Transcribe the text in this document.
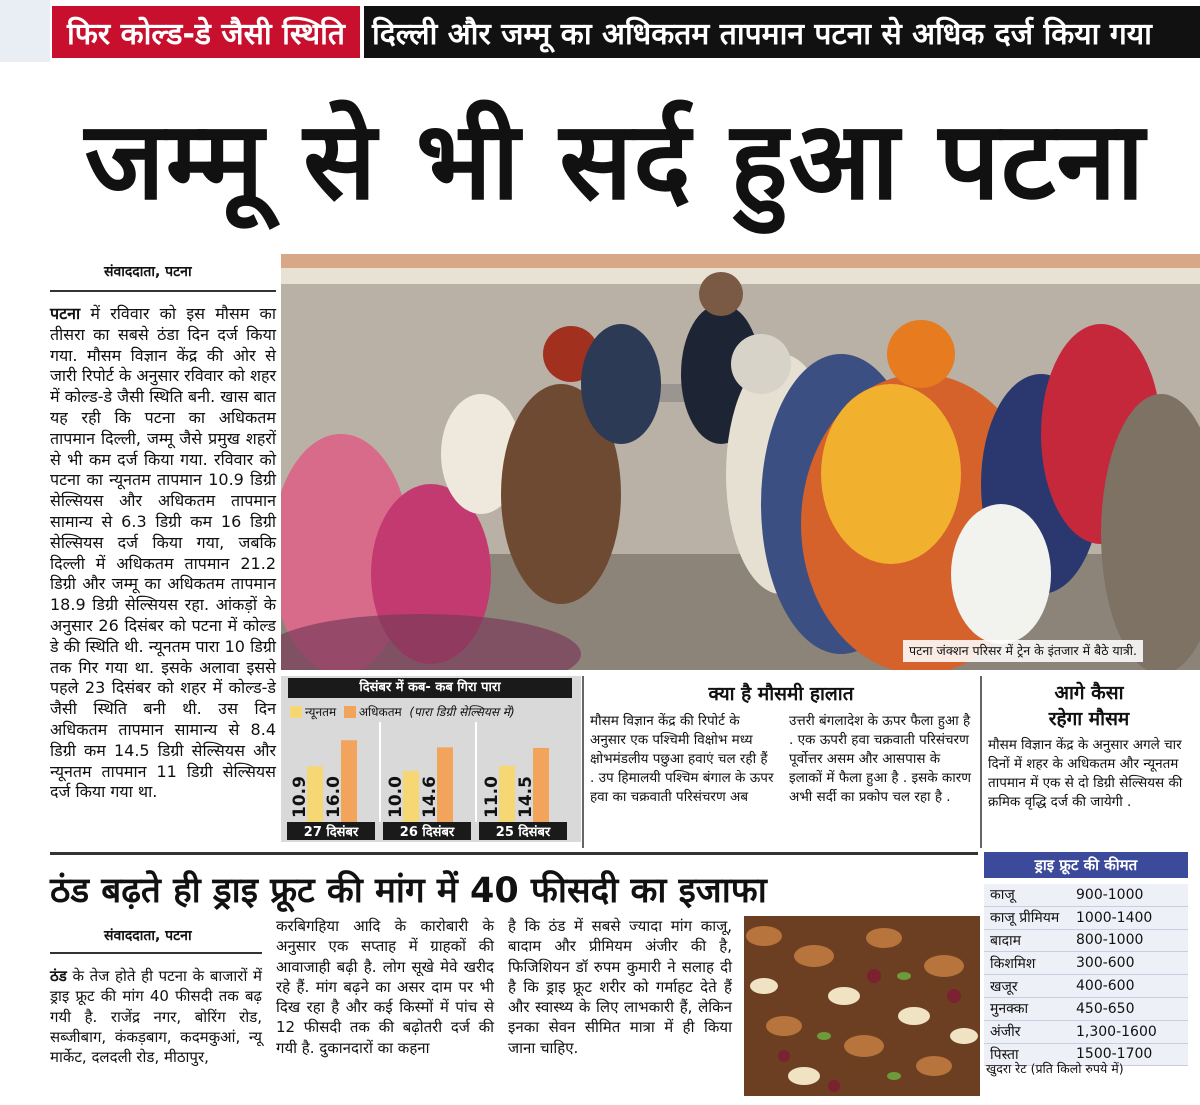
फिर कोल्ड-डे जैसी स्थिति दिल्ली और जम्मू का अधिकतम तापमान पटना से अधिक दर्ज किया गया
जम्मू से भी सर्द हुआ पटना
संवाददाता, पटना
पटना में रविवार को इस मौसम का तीसरा का सबसे ठंडा दिन दर्ज किया गया. मौसम विज्ञान केंद्र की ओर से जारी रिपोर्ट के अनुसार रविवार को शहर में कोल्ड-डे जैसी स्थिति बनी. खास बात यह रही कि पटना का अधिकतम तापमान दिल्ली, जम्मू जैसे प्रमुख शहरों से भी कम दर्ज किया गया. रविवार को पटना का न्यूनतम तापमान 10.9 डिग्री सेल्सियस और अधिकतम तापमान सामान्य से 6.3 डिग्री कम 16 डिग्री सेल्सियस दर्ज किया गया, जबकि दिल्ली में अधिकतम तापमान 21.2 डिग्री और जम्मू का अधिकतम तापमान 18.9 डिग्री सेल्सियस रहा. आंकड़ों के अनुसार 26 दिसंबर को पटना में कोल्ड डे की स्थिति थी. न्यूनतम पारा 10 डिग्री तक गिर गया था. इसके अलावा इससे पहले 23 दिसंबर को शहर में कोल्ड-डे जैसी स्थिति बनी थी. उस दिन अधिकतम तापमान सामान्य से 8.4 डिग्री कम 14.5 डिग्री सेल्सियस और न्यूनतम तापमान 11 डिग्री सेल्सियस दर्ज किया गया था.
पटना जंक्शन परिसर में ट्रेन के इंतजार में बैठे यात्री.
दिसंबर में कब- कब गिरा पारा
न्यूनतम अधिकतम (पारा डिग्री सेल्सियस में)
10.9 16.0
27 दिसंबर
10.0 14.6
26 दिसंबर
11.0 14.5
25 दिसंबर
क्या है मौसमी हालात
मौसम विज्ञान केंद्र की रिपोर्ट के अनुसार एक पश्चिमी विक्षोभ मध्य क्षोभमंडलीय पछुआ हवाएं चल रही हैं . उप हिमालयी पश्चिम बंगाल के ऊपर हवा का चक्रवाती परिसंचरण अब उत्तरी बंगलादेश के ऊपर फैला हुआ है . एक ऊपरी हवा चक्रवाती परिसंचरण पूर्वोत्तर असम और आसपास के इलाकों में फैला हुआ है . इसके कारण अभी सर्दी का प्रकोप चल रहा है .
आगे कैसा
रहेगा मौसम
मौसम विज्ञान केंद्र के अनुसार अगले चार दिनों में शहर के अधिकतम और न्यूनतम तापमान में एक से दो डिग्री सेल्सियस की क्रमिक वृद्धि दर्ज की जायेगी .
ठंड बढ़ते ही ड्राइ फ्रूट की मांग में 40 फीसदी का इजाफा
संवाददाता, पटना
ठंड के तेज होते ही पटना के बाजारों में ड्राइ फ्रूट की मांग 40 फीसदी तक बढ़ गयी है. राजेंद्र नगर, बोरिंग रोड, सब्जीबाग, कंकड़बाग, कदमकुआं, न्यू मार्केट, दलदली रोड, मीठापुर,
करबिगहिया आदि के कारोबारी के अनुसार एक सप्ताह में ग्राहकों की आवाजाही बढ़ी है. लोग सूखे मेवे खरीद रहे हैं. मांग बढ़ने का असर दाम पर भी दिख रहा है और कई किस्मों में पांच से 12 फीसदी तक की बढ़ोतरी दर्ज की गयी है. दुकानदारों का कहना
है कि ठंड में सबसे ज्यादा मांग काजू, बादाम और प्रीमियम अंजीर की है, फिजिशियन डॉ रुपम कुमारी ने सलाह दी है कि ड्राइ फ्रूट शरीर को गर्माहट देते हैं और स्वास्थ्य के लिए लाभकारी हैं, लेकिन इनका सेवन सीमित मात्रा में ही किया जाना चाहिए.
ड्राइ फ्रूट की कीमत
काजू	900-1000
काजू प्रीमियम	1000-1400
बादाम	800-1000
किशमिश	300-600
खजूर	400-600
मुनक्का	450-650
अंजीर	1,300-1600
पिस्ता	1500-1700
खुदरा रेट (प्रति किलो रुपये में)
